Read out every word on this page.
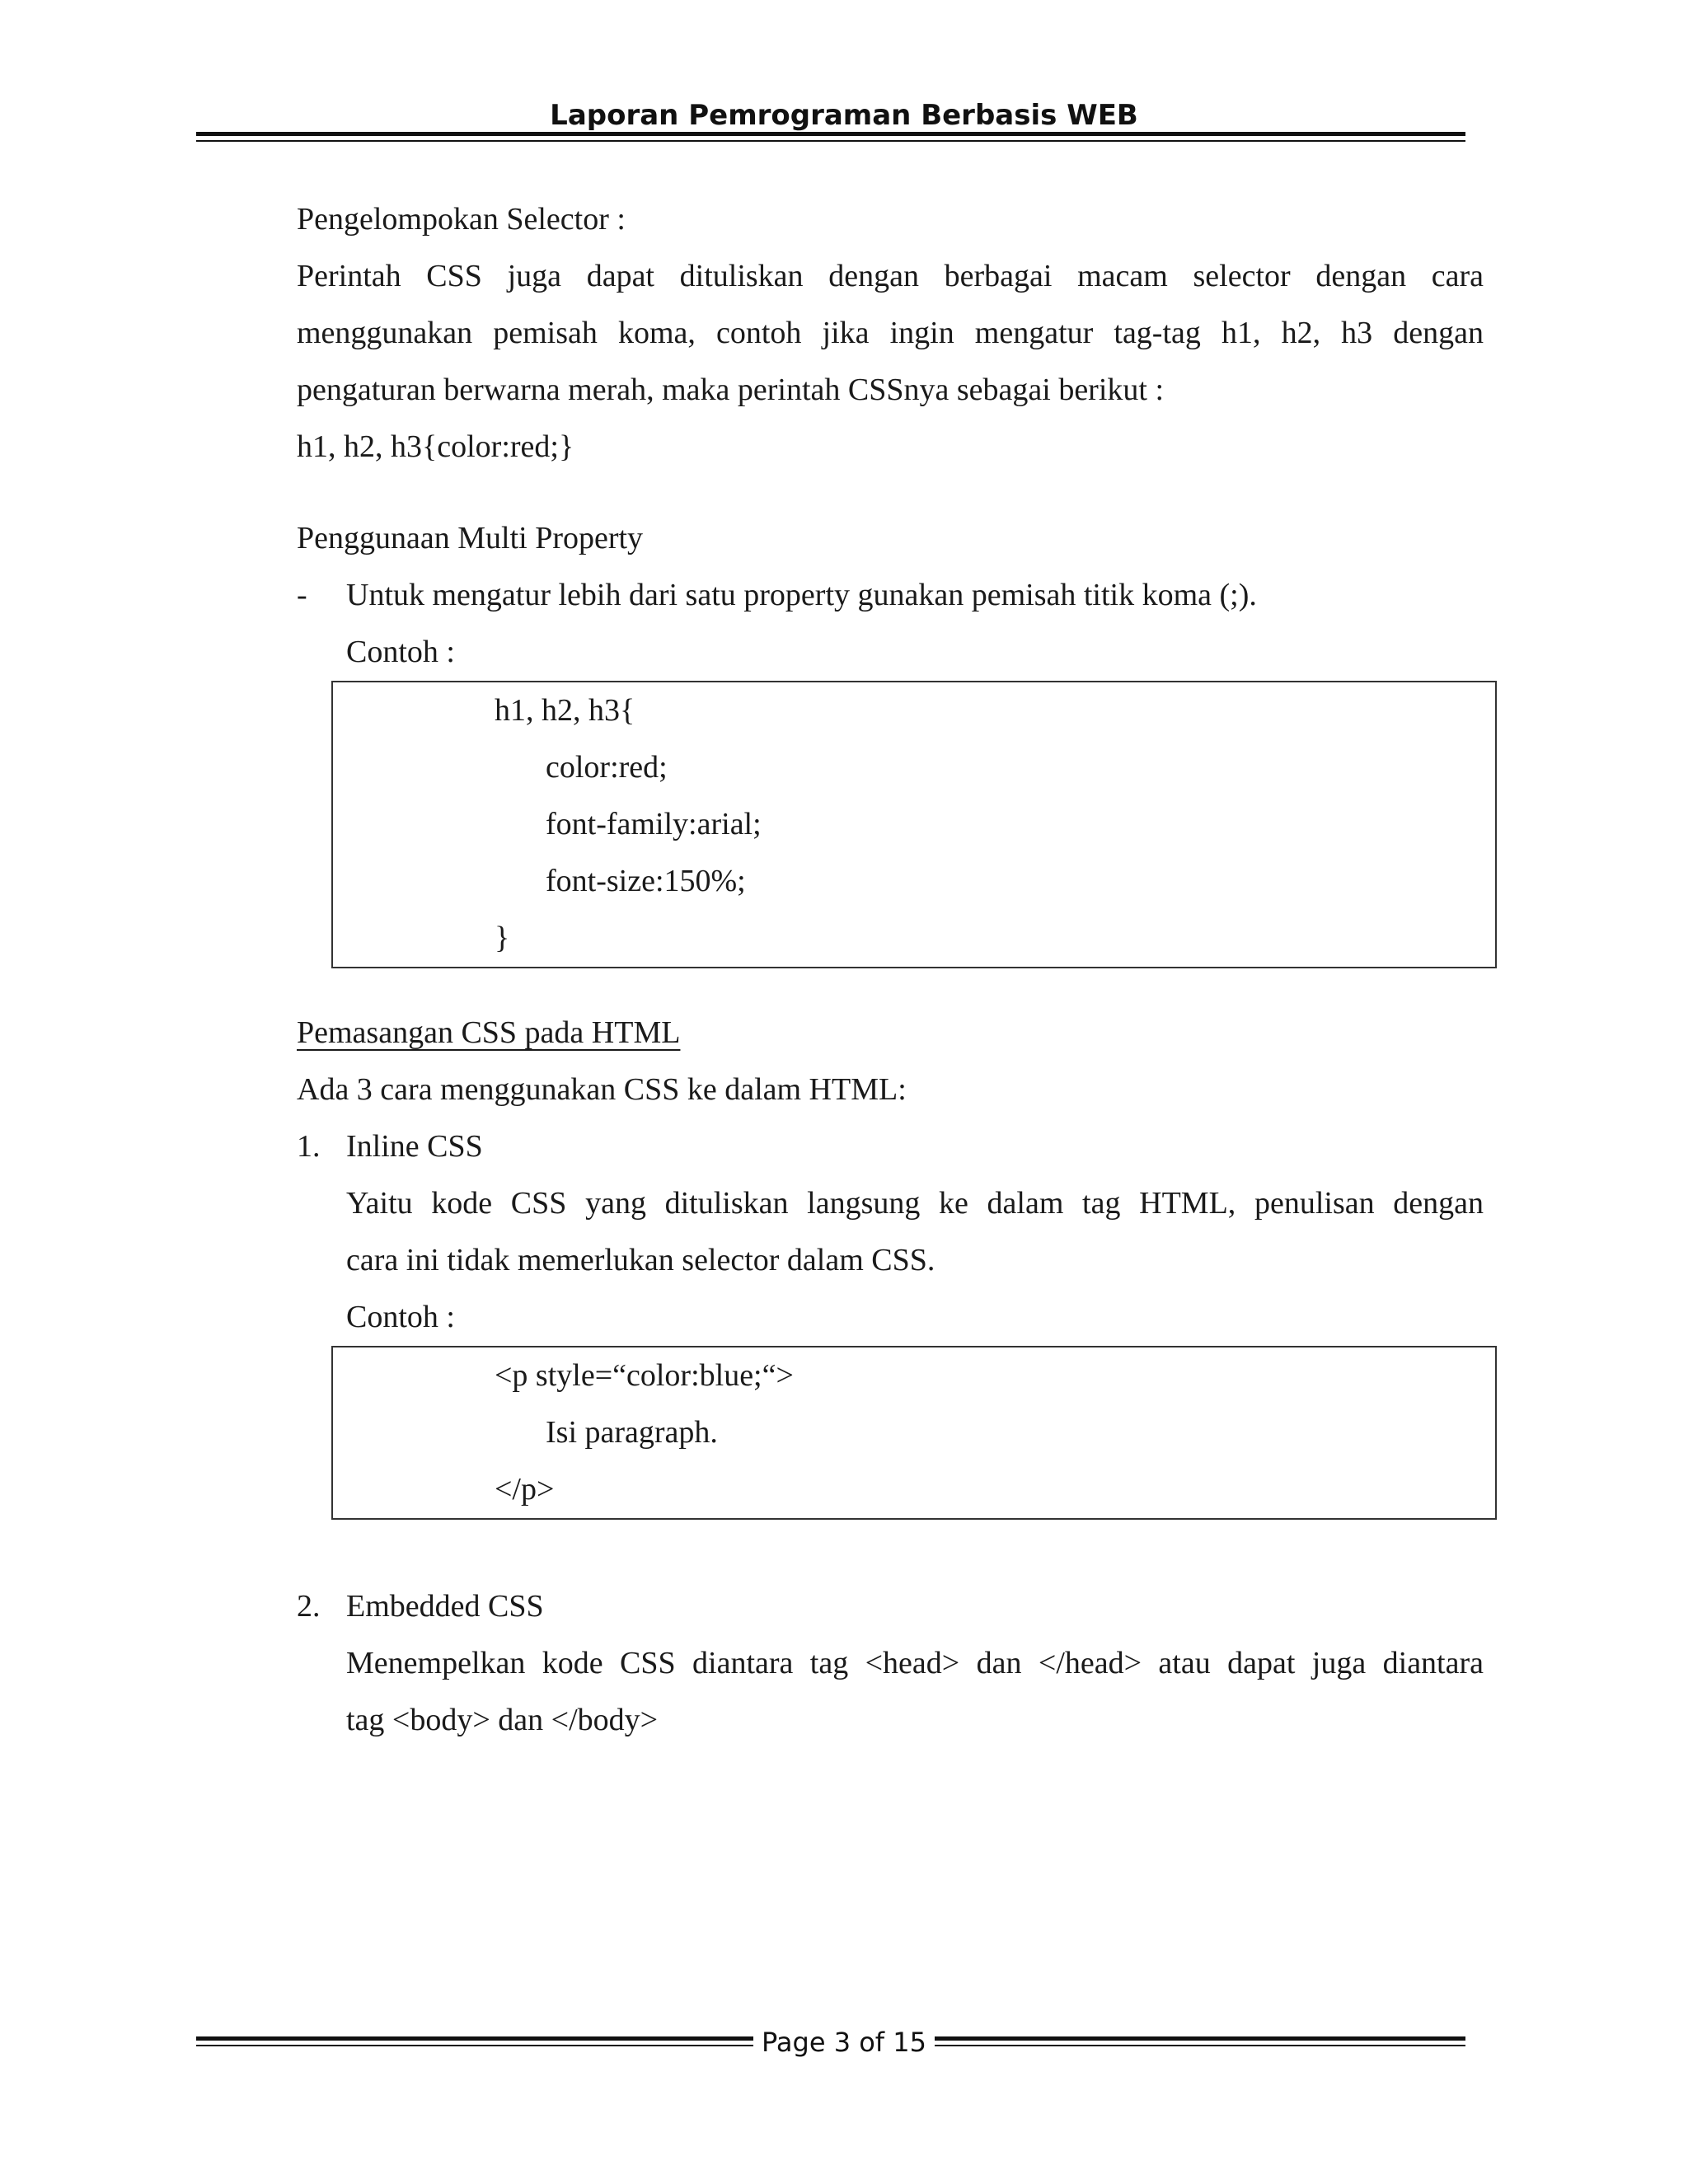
Laporan Pemrograman Berbasis WEB
Pengelompokan Selector :
Perintah CSS juga dapat dituliskan dengan berbagai macam selector dengan cara
menggunakan pemisah koma, contoh jika ingin mengatur tag-tag h1, h2, h3 dengan
pengaturan berwarna merah, maka perintah CSSnya sebagai berikut :
h1, h2, h3{color:red;}
Penggunaan Multi Property
- Untuk mengatur lebih dari satu property gunakan pemisah titik koma (;).
Contoh :
h1, h2, h3{
color:red;
font-family:arial;
font-size:150%;
}
Pemasangan CSS pada HTML
Ada 3 cara menggunakan CSS ke dalam HTML:
1. Inline CSS
Yaitu kode CSS yang dituliskan langsung ke dalam tag HTML, penulisan dengan
cara ini tidak memerlukan selector dalam CSS.
Contoh :
<p style=“color:blue;“>
Isi paragraph.
</p>
2. Embedded CSS
Menempelkan kode CSS diantara tag <head> dan </head> atau dapat juga diantara
tag <body> dan </body>
Page 3 of 15
